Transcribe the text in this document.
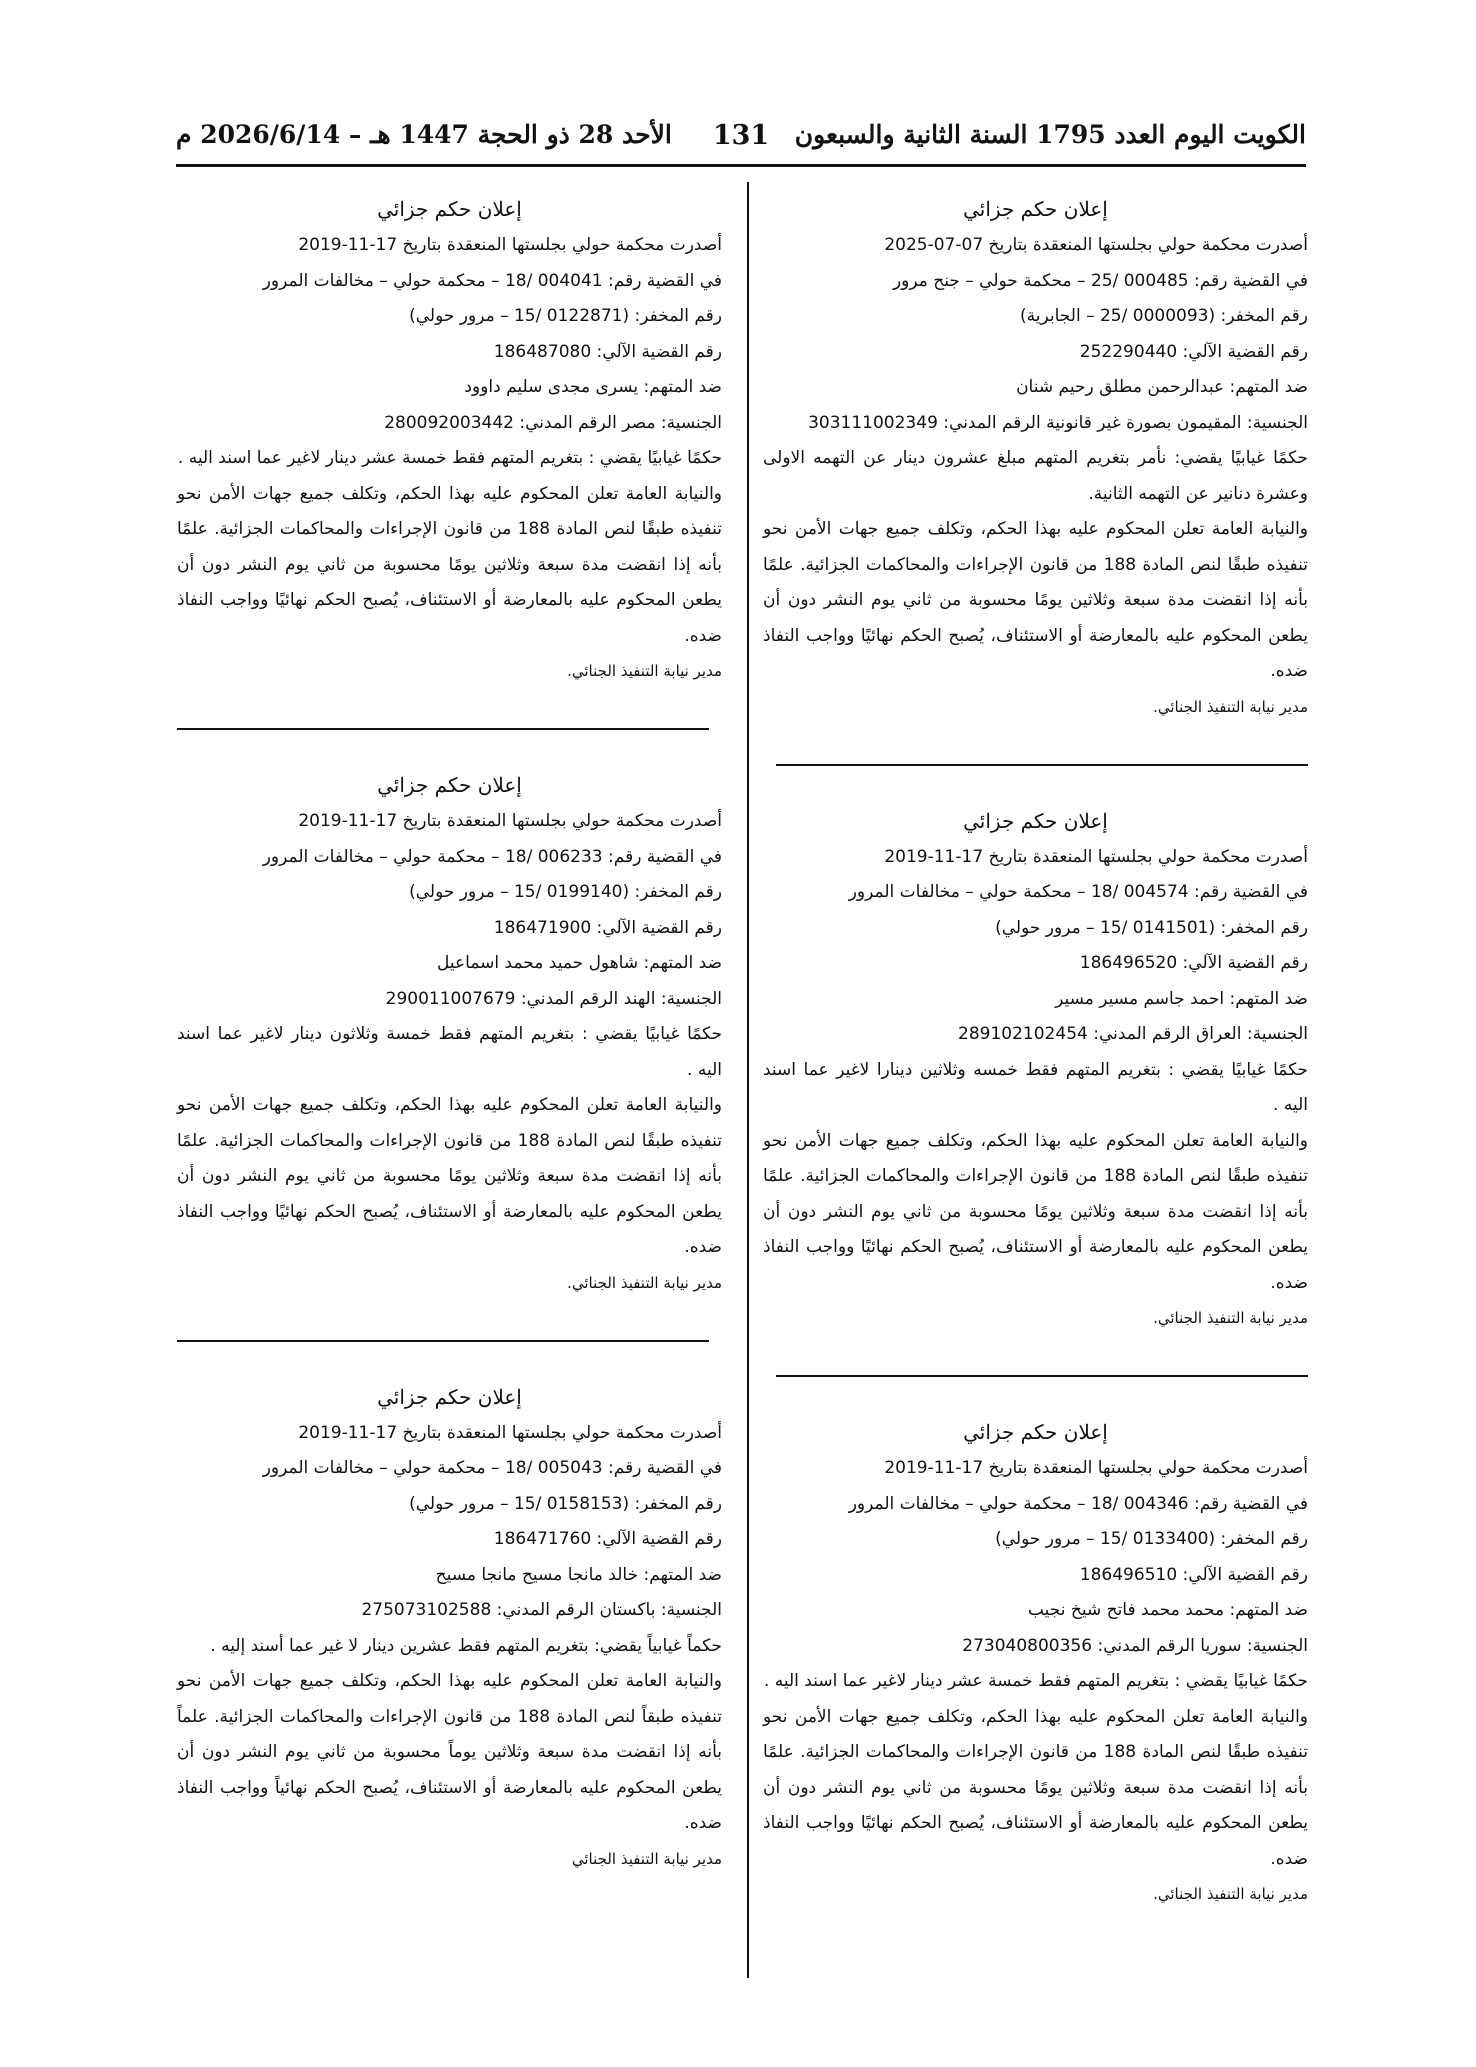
الكويت اليوم العدد 1795 السنة الثانية والسبعون
131
الأحد 28 ذو الحجة 1447 هـ – 2026/6/14 م
إعلان حكم جزائي
أصدرت محكمة حولي بجلستها المنعقدة بتاريخ 07-07-2025
في القضية رقم: 000485 /25 – محكمة حولي – جنح مرور
رقم المخفر: (0000093 /25 – الجابرية)
رقم القضية الآلي: 252290440
ضد المتهم: عبدالرحمن مطلق رحيم شنان
الجنسية: المقيمون بصورة غير قانونية الرقم المدني: 303111002349
حكمًا غيابيًا يقضي: نأمر بتغريم المتهم مبلغ عشرون دينار عن التهمه الاولى وعشرة دنانير عن التهمه الثانية.
والنيابة العامة تعلن المحكوم عليه بهذا الحكم، وتكلف جميع جهات الأمن نحو تنفيذه طبقًا لنص المادة 188 من قانون الإجراءات والمحاكمات الجزائية. علمًا بأنه إذا انقضت مدة سبعة وثلاثين يومًا محسوبة من ثاني يوم النشر دون أن يطعن المحكوم عليه بالمعارضة أو الاستئناف، يُصبح الحكم نهائيًا وواجب النفاذ ضده.
مدير نيابة التنفيذ الجنائي.
إعلان حكم جزائي
أصدرت محكمة حولي بجلستها المنعقدة بتاريخ 17-11-2019
في القضية رقم: 004574 /18 – محكمة حولي – مخالفات المرور
رقم المخفر: (0141501 /15 – مرور حولي)
رقم القضية الآلي: 186496520
ضد المتهم: احمد جاسم مسير مسير
الجنسية: العراق الرقم المدني: 289102102454
حكمًا غيابيًا يقضي : بتغريم المتهم فقط خمسه وثلاثين دينارا لاغير عما اسند اليه .
والنيابة العامة تعلن المحكوم عليه بهذا الحكم، وتكلف جميع جهات الأمن نحو تنفيذه طبقًا لنص المادة 188 من قانون الإجراءات والمحاكمات الجزائية. علمًا بأنه إذا انقضت مدة سبعة وثلاثين يومًا محسوبة من ثاني يوم النشر دون أن يطعن المحكوم عليه بالمعارضة أو الاستئناف، يُصبح الحكم نهائيًا وواجب النفاذ ضده.
مدير نيابة التنفيذ الجنائي.
إعلان حكم جزائي
أصدرت محكمة حولي بجلستها المنعقدة بتاريخ 17-11-2019
في القضية رقم: 004346 /18 – محكمة حولي – مخالفات المرور
رقم المخفر: (0133400 /15 – مرور حولي)
رقم القضية الآلي: 186496510
ضد المتهم: محمد محمد فاتح شيخ نجيب
الجنسية: سوريا الرقم المدني: 273040800356
حكمًا غيابيًا يقضي : بتغريم المتهم فقط خمسة عشر دينار لاغير عما اسند اليه .
والنيابة العامة تعلن المحكوم عليه بهذا الحكم، وتكلف جميع جهات الأمن نحو تنفيذه طبقًا لنص المادة 188 من قانون الإجراءات والمحاكمات الجزائية. علمًا بأنه إذا انقضت مدة سبعة وثلاثين يومًا محسوبة من ثاني يوم النشر دون أن يطعن المحكوم عليه بالمعارضة أو الاستئناف، يُصبح الحكم نهائيًا وواجب النفاذ ضده.
مدير نيابة التنفيذ الجنائي.
إعلان حكم جزائي
أصدرت محكمة حولي بجلستها المنعقدة بتاريخ 17-11-2019
في القضية رقم: 004041 /18 – محكمة حولي – مخالفات المرور
رقم المخفر: (0122871 /15 – مرور حولي)
رقم القضية الآلي: 186487080
ضد المتهم: يسرى مجدى سليم داوود
الجنسية: مصر الرقم المدني: 280092003442
حكمًا غيابيًا يقضي : بتغريم المتهم فقط خمسة عشر دينار لاغير عما اسند اليه .
والنيابة العامة تعلن المحكوم عليه بهذا الحكم، وتكلف جميع جهات الأمن نحو تنفيذه طبقًا لنص المادة 188 من قانون الإجراءات والمحاكمات الجزائية. علمًا بأنه إذا انقضت مدة سبعة وثلاثين يومًا محسوبة من ثاني يوم النشر دون أن يطعن المحكوم عليه بالمعارضة أو الاستئناف، يُصبح الحكم نهائيًا وواجب النفاذ ضده.
مدير نيابة التنفيذ الجنائي.
إعلان حكم جزائي
أصدرت محكمة حولي بجلستها المنعقدة بتاريخ 17-11-2019
في القضية رقم: 006233 /18 – محكمة حولي – مخالفات المرور
رقم المخفر: (0199140 /15 – مرور حولي)
رقم القضية الآلي: 186471900
ضد المتهم: شاهول حميد محمد اسماعيل
الجنسية: الهند الرقم المدني: 290011007679
حكمًا غيابيًا يقضي : بتغريم المتهم فقط خمسة وثلاثون دينار لاغير عما اسند اليه .
والنيابة العامة تعلن المحكوم عليه بهذا الحكم، وتكلف جميع جهات الأمن نحو تنفيذه طبقًا لنص المادة 188 من قانون الإجراءات والمحاكمات الجزائية. علمًا بأنه إذا انقضت مدة سبعة وثلاثين يومًا محسوبة من ثاني يوم النشر دون أن يطعن المحكوم عليه بالمعارضة أو الاستئناف، يُصبح الحكم نهائيًا وواجب النفاذ ضده.
مدير نيابة التنفيذ الجنائي.
إعلان حكم جزائي
أصدرت محكمة حولي بجلستها المنعقدة بتاريخ 17-11-2019
في القضية رقم: 005043 /18 – محكمة حولي – مخالفات المرور
رقم المخفر: (0158153 /15 – مرور حولي)
رقم القضية الآلي: 186471760
ضد المتهم: خالد مانجا مسيح مانجا مسيح
الجنسية: باكستان الرقم المدني: 275073102588
حكماً غيابياً يقضي: بتغريم المتهم فقط عشرين دينار لا غير عما أسند إليه .
والنيابة العامة تعلن المحكوم عليه بهذا الحكم، وتكلف جميع جهات الأمن نحو تنفيذه طبقاً لنص المادة 188 من قانون الإجراءات والمحاكمات الجزائية. علماً بأنه إذا انقضت مدة سبعة وثلاثين يوماً محسوبة من ثاني يوم النشر دون أن يطعن المحكوم عليه بالمعارضة أو الاستئناف، يُصبح الحكم نهائياً وواجب النفاذ ضده.
مدير نيابة التنفيذ الجنائي
